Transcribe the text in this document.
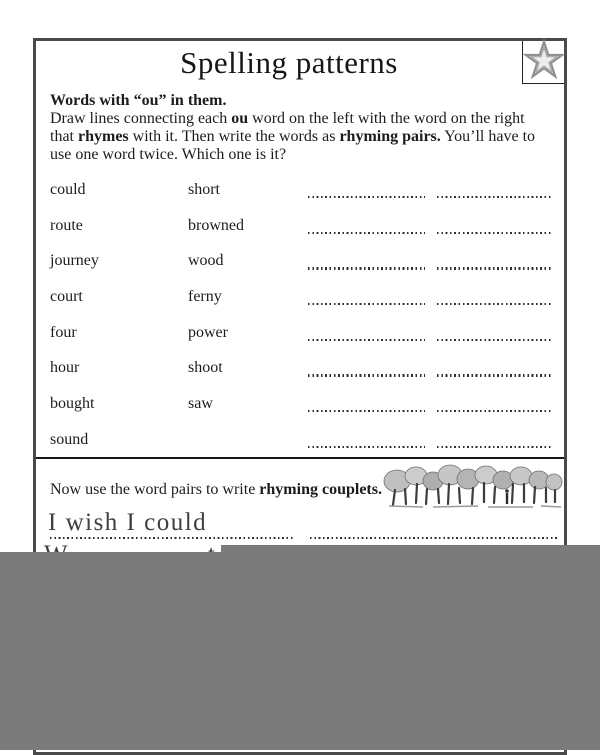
Spelling patterns
Words with “ou” in them.
Draw lines connecting each ou word on the left with the word on the right
that rhymes with it. Then write the words as rhyming pairs. You’ll have to
use one word twice. Which one is it?
could	short
route	browned
journey	wood
court	ferny
four	power
hour	shoot
bought	saw
sound
Now use the word pairs to write rhyming couplets.
I wish I could
